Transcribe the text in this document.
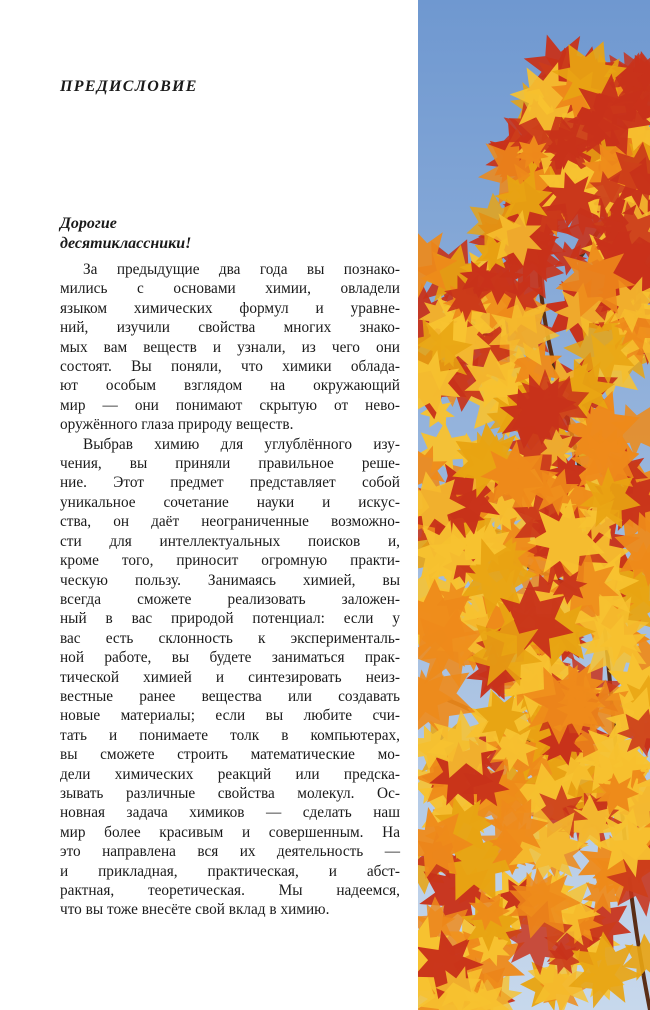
ПРЕДИСЛОВИЕ
Дорогие
десятиклассники!

За предыдущие два года вы познако-
мились с основами химии, овладели
языком химических формул и уравне-
ний, изучили свойства многих знако-
мых вам веществ и узнали, из чего они
состоят. Вы поняли, что химики облада-
ют особым взглядом на окружающий
мир — они понимают скрытую от нево-
оружённого глаза природу веществ.

Выбрав химию для углублённого изу-
чения, вы приняли правильное реше-
ние. Этот предмет представляет собой
уникальное сочетание науки и искус-
ства, он даёт неограниченные возможно-
сти для интеллектуальных поисков и,
кроме того, приносит огромную практи-
ческую пользу. Занимаясь химией, вы
всегда сможете реализовать заложен-
ный в вас природой потенциал: если у
вас есть склонность к эксперименталь-
ной работе, вы будете заниматься прак-
тической химией и синтезировать неиз-
вестные ранее вещества или создавать
новые материалы; если вы любите счи-
тать и понимаете толк в компьютерах,
вы сможете строить математические мо-
дели химических реакций или предска-
зывать различные свойства молекул. Ос-
новная задача химиков — сделать наш
мир более красивым и совершенным. На
это направлена вся их деятельность —
и прикладная, практическая, и абст-
рактная, теоретическая. Мы надеемся,
что вы тоже внесёте свой вклад в химию.
